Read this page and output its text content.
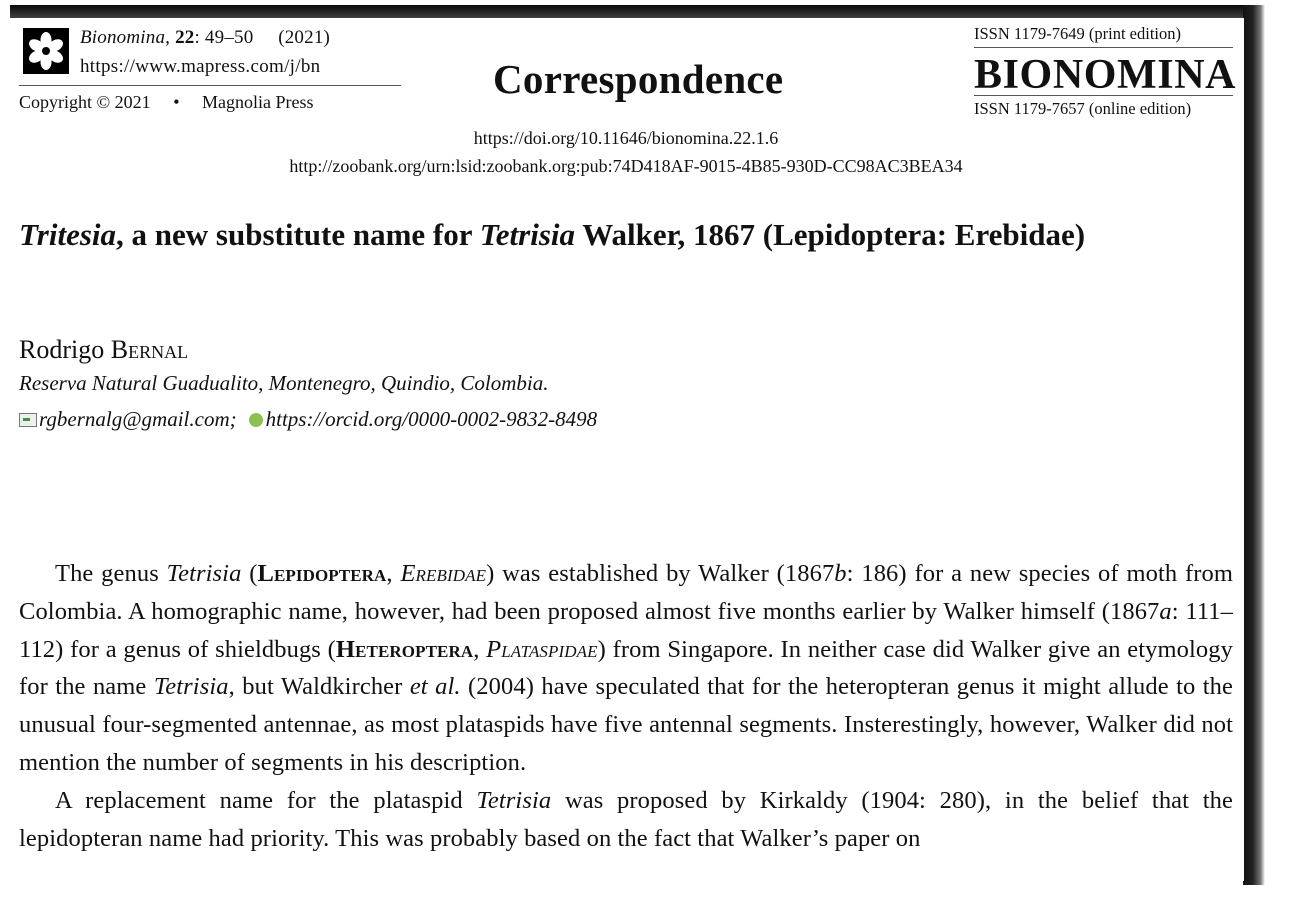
Bionomina, 22: 49–50 (2021)
https://www.mapress.com/j/bn
Copyright © 2021 • Magnolia Press	Correspondence
ISSN 1179-7649 (print edition)
BIONOMINA
ISSN 1179-7657 (online edition)
https://doi.org/10.11646/bionomina.22.1.6
http://zoobank.org/urn:lsid:zoobank.org:pub:74D418AF-9015-4B85-930D-CC98AC3BEA34
Tritesia, a new substitute name for Tetrisia Walker, 1867 (Lepidoptera: Erebidae)
Rodrigo Bernal
Reserva Natural Guadualito, Montenegro, Quindio, Colombia.
rgbernalg@gmail.com; https://orcid.org/0000-0002-9832-8498

The genus Tetrisia (Lepidoptera, Erebidae) was established by Walker (1867b: 186) for a new species of moth from Colombia. A homographic name, however, had been proposed almost five months earlier by Walker himself (1867a: 111–112) for a genus of shieldbugs (Heteroptera, Plataspidae) from Singapore. In neither case did Walker give an etymology for the name Tetrisia, but Waldkircher et al. (2004) have speculated that for the heteropteran genus it might allude to the unusual four-segmented antennae, as most plataspids have five antennal segments. Insterestingly, however, Walker did not mention the number of segments in his description.

A replacement name for the plataspid Tetrisia was proposed by Kirkaldy (1904: 280), in the belief that the lepidopteran name had priority. This was probably based on the fact that Walker’s paper on
